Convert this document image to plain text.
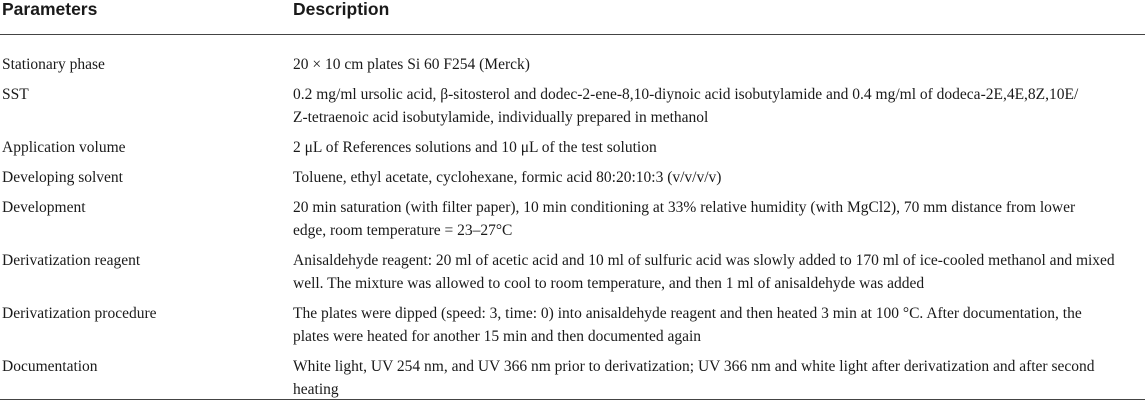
Parameters	Description
Stationary phase	20 × 10 cm plates Si 60 F254 (Merck)
SST	0.2 mg/ml ursolic acid, β-sitosterol and dodec-2-ene-8,10-diynoic acid isobutylamide and 0.4 mg/ml of dodeca-2E,4E,8Z,10E/
Z-tetraenoic acid isobutylamide, individually prepared in methanol
Application volume	2 μL of References solutions and 10 μL of the test solution
Developing solvent	Toluene, ethyl acetate, cyclohexane, formic acid 80:20:10:3 (v/v/v/v)
Development	20 min saturation (with filter paper), 10 min conditioning at 33% relative humidity (with MgCl2), 70 mm distance from lower
edge, room temperature = 23–27°C
Derivatization reagent	Anisaldehyde reagent: 20 ml of acetic acid and 10 ml of sulfuric acid was slowly added to 170 ml of ice-cooled methanol and mixed
well. The mixture was allowed to cool to room temperature, and then 1 ml of anisaldehyde was added
Derivatization procedure	The plates were dipped (speed: 3, time: 0) into anisaldehyde reagent and then heated 3 min at 100 °C. After documentation, the
plates were heated for another 15 min and then documented again
Documentation	White light, UV 254 nm, and UV 366 nm prior to derivatization; UV 366 nm and white light after derivatization and after second
heating
